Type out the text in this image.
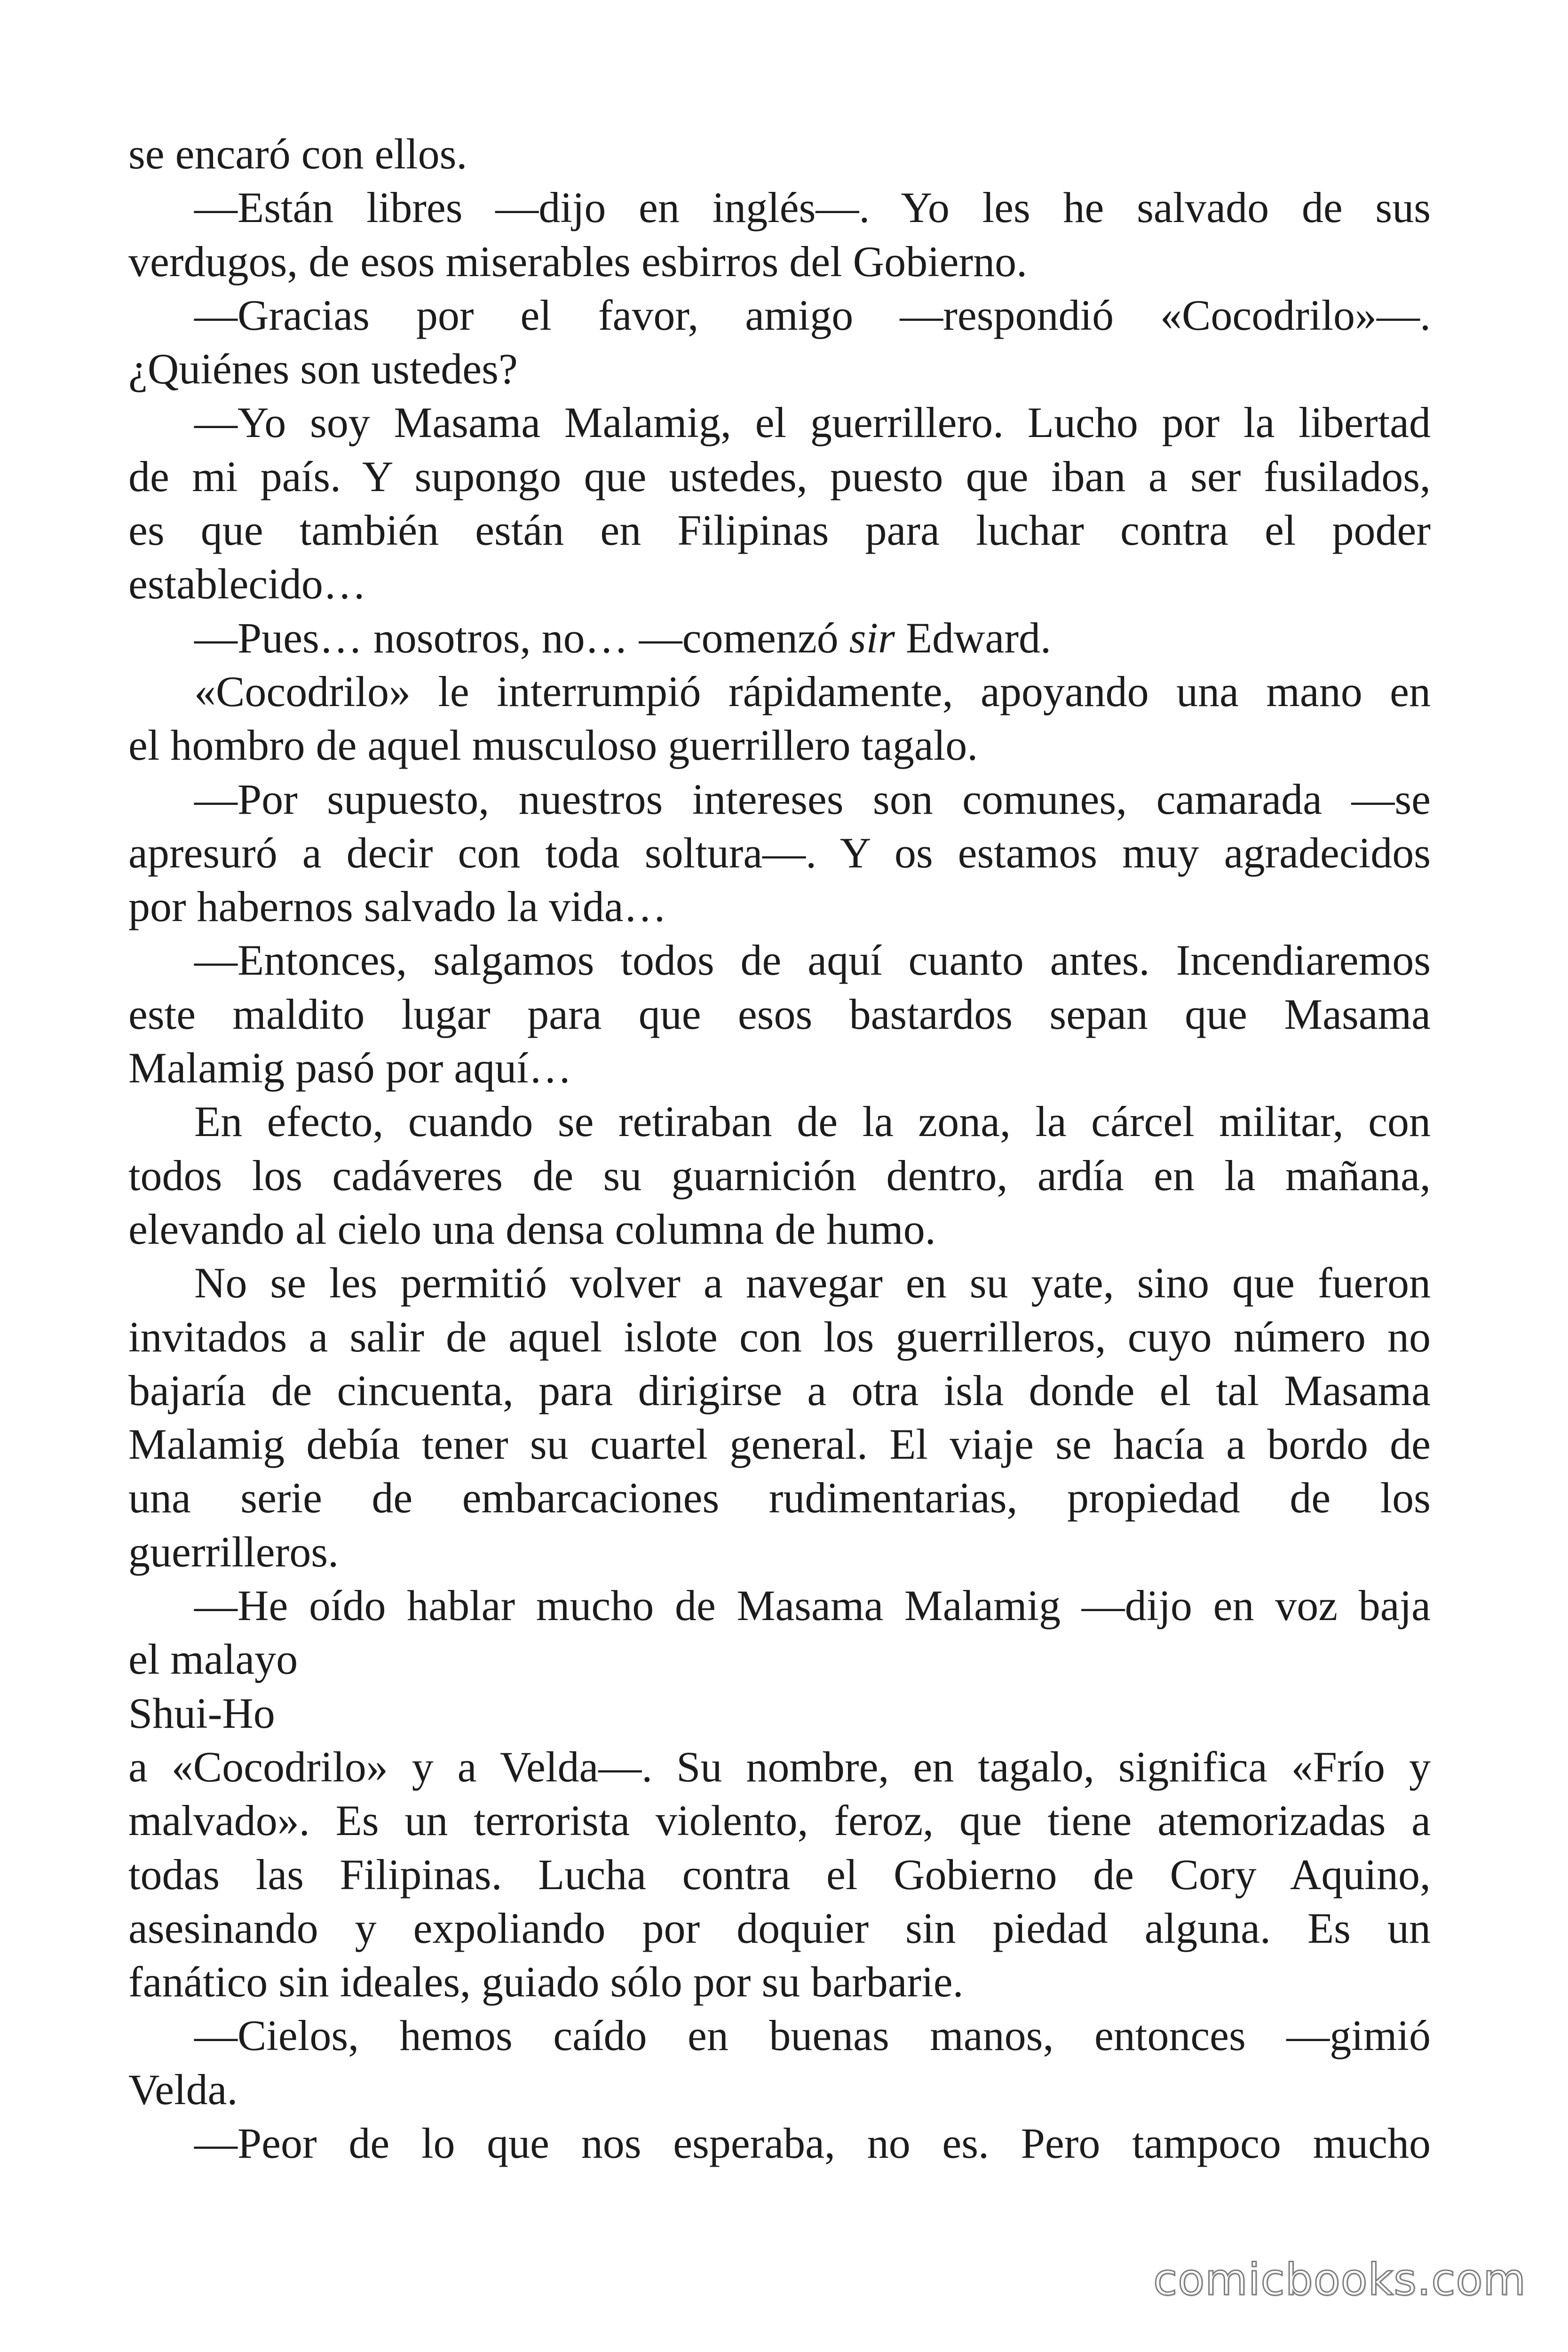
se encaró con ellos.
—Están libres —dijo en inglés—. Yo les he salvado de sus
verdugos, de esos miserables esbirros del Gobierno.
—Gracias por el favor, amigo —respondió «Cocodrilo»—.
¿Quiénes son ustedes?
—Yo soy Masama Malamig, el guerrillero. Lucho por la libertad
de mi país. Y supongo que ustedes, puesto que iban a ser fusilados,
es que también están en Filipinas para luchar contra el poder
establecido…
—Pues… nosotros, no… —comenzó sir Edward.
«Cocodrilo» le interrumpió rápidamente, apoyando una mano en
el hombro de aquel musculoso guerrillero tagalo.
—Por supuesto, nuestros intereses son comunes, camarada —se
apresuró a decir con toda soltura—. Y os estamos muy agradecidos
por habernos salvado la vida…
—Entonces, salgamos todos de aquí cuanto antes. Incendiaremos
este maldito lugar para que esos bastardos sepan que Masama
Malamig pasó por aquí…
En efecto, cuando se retiraban de la zona, la cárcel militar, con
todos los cadáveres de su guarnición dentro, ardía en la mañana,
elevando al cielo una densa columna de humo.
No se les permitió volver a navegar en su yate, sino que fueron
invitados a salir de aquel islote con los guerrilleros, cuyo número no
bajaría de cincuenta, para dirigirse a otra isla donde el tal Masama
Malamig debía tener su cuartel general. El viaje se hacía a bordo de
una serie de embarcaciones rudimentarias, propiedad de los
guerrilleros.
—He oído hablar mucho de Masama Malamig —dijo en voz baja
el malayo
Shui-Ho
a «Cocodrilo» y a Velda—. Su nombre, en tagalo, significa «Frío y
malvado». Es un terrorista violento, feroz, que tiene atemorizadas a
todas las Filipinas. Lucha contra el Gobierno de Cory Aquino,
asesinando y expoliando por doquier sin piedad alguna. Es un
fanático sin ideales, guiado sólo por su barbarie.
—Cielos, hemos caído en buenas manos, entonces —gimió
Velda.
—Peor de lo que nos esperaba, no es. Pero tampoco mucho
comicbooks.com
